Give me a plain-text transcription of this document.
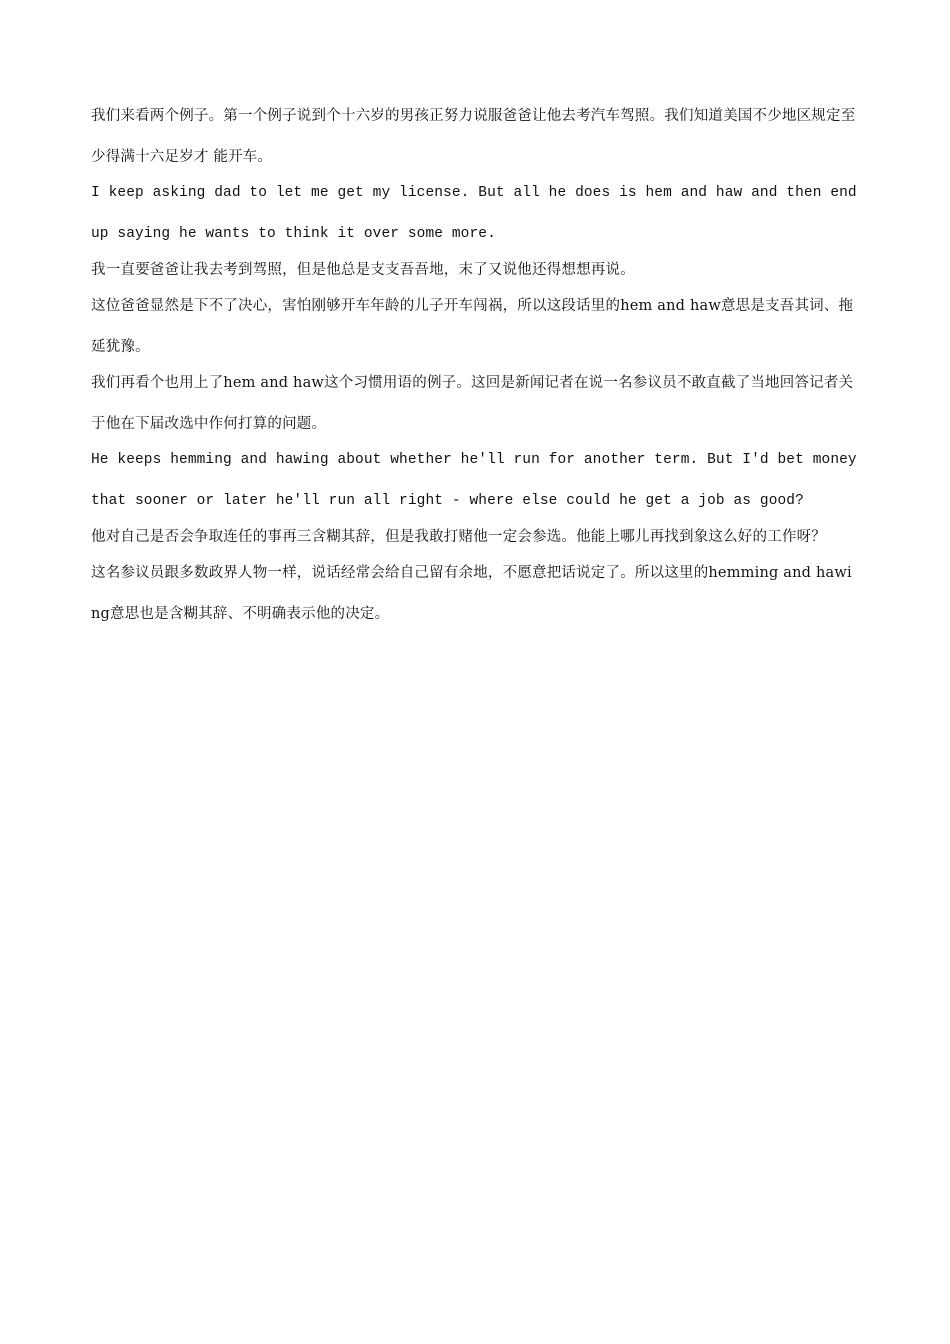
我们来看两个例子。第一个例子说到个十六岁的男孩正努力说服爸爸让他去考汽车驾照。我们知道美国不少地区规定至少得满十六足岁才 能开车。

I keep asking dad to let me get my license. But all he does is hem and haw and then end up saying he wants to think it over some more.

我一直要爸爸让我去考到驾照，但是他总是支支吾吾地，末了又说他还得想想再说。

这位爸爸显然是下不了决心，害怕刚够开车年龄的儿子开车闯祸，所以这段话里的hem and haw意思是支吾其词、拖延犹豫。

我们再看个也用上了hem and haw这个习惯用语的例子。这回是新闻记者在说一名参议员不敢直截了当地回答记者关于他在下届改选中作何打算的问题。

He keeps hemming and hawing about whether he'll run for another term. But I'd bet money that sooner or later he'll run all right - where else could he get a job as good?

他对自己是否会争取连任的事再三含糊其辞，但是我敢打赌他一定会参选。他能上哪儿再找到象这么好的工作呀？

这名参议员跟多数政界人物一样，说话经常会给自己留有余地，不愿意把话说定了。所以这里的hemming and hawing意思也是含糊其辞、不明确表示他的决定。
